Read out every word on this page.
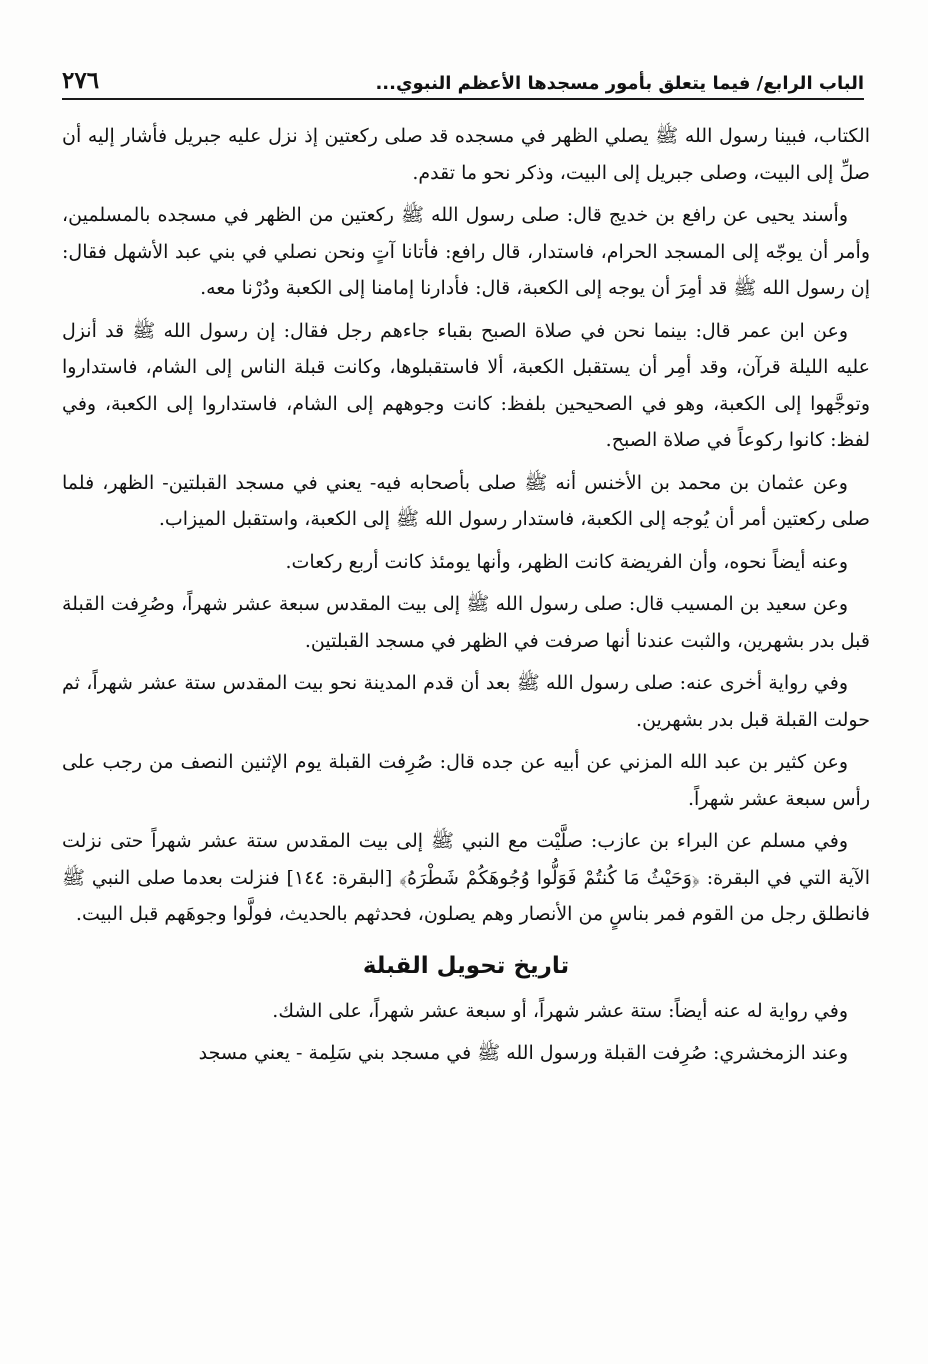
الباب الرابع/ فيما يتعلق بأمور مسجدها الأعظم النبوي...
٢٧٦

الكتاب، فبينا رسول الله ﷺ يصلي الظهر في مسجده قد صلى ركعتين إذ نزل عليه جبريل فأشار إليه أن صلِّ إلى البيت، وصلى جبريل إلى البيت، وذكر نحو ما تقدم.

وأسند يحيى عن رافع بن خديج قال: صلى رسول الله ﷺ ركعتين من الظهر في مسجده بالمسلمين، وأمر أن يوجّه إلى المسجد الحرام، فاستدار، قال رافع: فأتانا آتٍ ونحن نصلي في بني عبد الأشهل فقال: إن رسول الله ﷺ قد أمِرَ أن يوجه إلى الكعبة، قال: فأدارنا إمامنا إلى الكعبة ودُرْنا معه.

وعن ابن عمر قال: بينما نحن في صلاة الصبح بقباء جاءهم رجل فقال: إن رسول الله ﷺ قد أنزل عليه الليلة قرآن، وقد أمِر أن يستقبل الكعبة، ألا فاستقبلوها، وكانت قبلة الناس إلى الشام، فاستداروا وتوجَّهوا إلى الكعبة، وهو في الصحيحين بلفظ: كانت وجوههم إلى الشام، فاستداروا إلى الكعبة، وفي لفظ: كانوا ركوعاً في صلاة الصبح.

وعن عثمان بن محمد بن الأخنس أنه ﷺ صلى بأصحابه فيه- يعني في مسجد القبلتين- الظهر، فلما صلى ركعتين أمر أن يُوجه إلى الكعبة، فاستدار رسول الله ﷺ إلى الكعبة، واستقبل الميزاب.

وعنه أيضاً نحوه، وأن الفريضة كانت الظهر، وأنها يومئذ كانت أربع ركعات.

وعن سعيد بن المسيب قال: صلى رسول الله ﷺ إلى بيت المقدس سبعة عشر شهراً، وصُرِفت القبلة قبل بدر بشهرين، والثبت عندنا أنها صرفت في الظهر في مسجد القبلتين.

وفي رواية أخرى عنه: صلى رسول الله ﷺ بعد أن قدم المدينة نحو بيت المقدس ستة عشر شهراً، ثم حولت القبلة قبل بدر بشهرين.

وعن كثير بن عبد الله المزني عن أبيه عن جده قال: صُرِفت القبلة يوم الإثنين النصف من رجب على رأس سبعة عشر شهراً.

وفي مسلم عن البراء بن عازب: صلَّيْت مع النبي ﷺ إلى بيت المقدس ستة عشر شهراً حتى نزلت الآية التي في البقرة: ﴿وَحَيْثُ مَا كُنتُمْ فَوَلُّوا وُجُوهَكُمْ شَطْرَهُ﴾ [البقرة: ١٤٤] فنزلت بعدما صلى النبي ﷺ فانطلق رجل من القوم فمر بناسٍ من الأنصار وهم يصلون، فحدثهم بالحديث، فولَّوا وجوهَهم قبل البيت.

تاريخ تحويل القبلة

وفي رواية له عنه أيضاً: ستة عشر شهراً، أو سبعة عشر شهراً، على الشك.

وعند الزمخشري: صُرِفت القبلة ورسول الله ﷺ في مسجد بني سَلِمة - يعني مسجد
